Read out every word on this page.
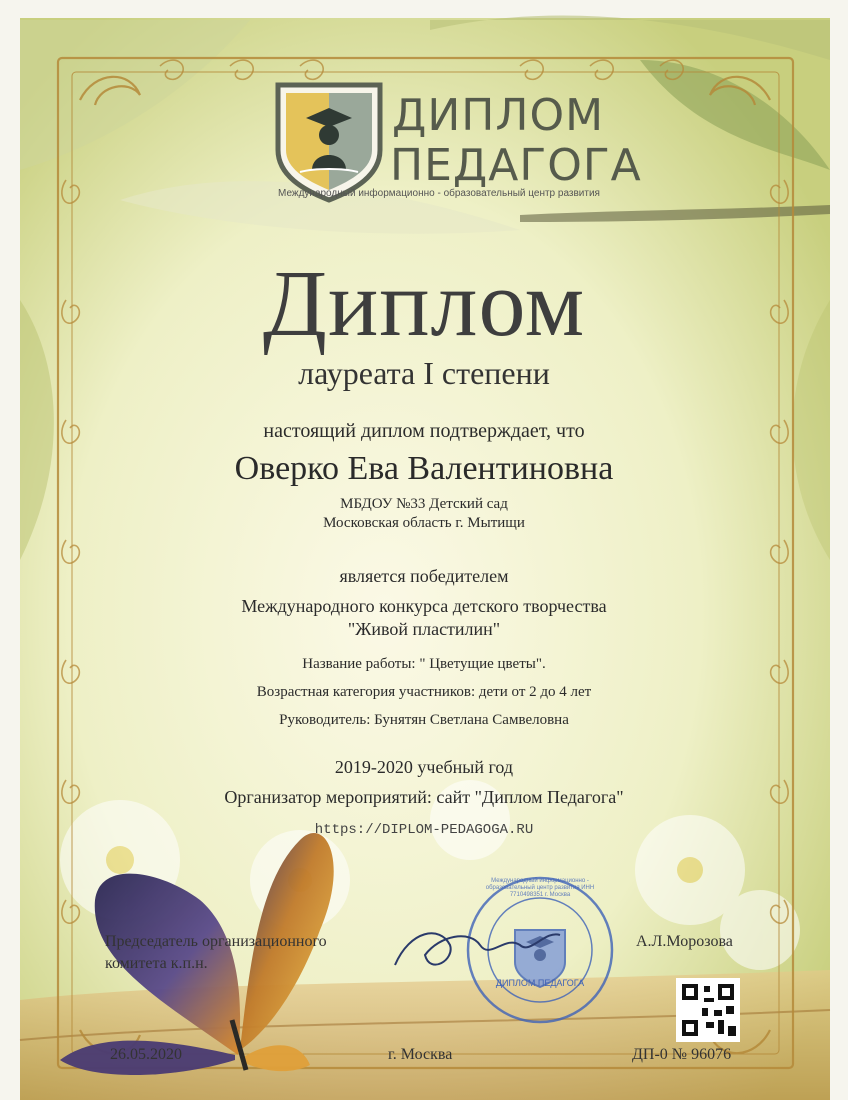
ДИПЛОМ
ПЕДАГОГА
Международный информационно - образовательный центр развития
Диплом
лауреата I степени
настоящий диплом подтверждает, что
Оверко Ева Валентиновна
МБДОУ №33 Детский сад
Московская область г. Мытищи
является победителем
Международного конкурса детского творчества
"Живой пластилин"
Название работы: " Цветущие цветы".
Возрастная категория участников: дети от 2 до 4 лет
Руководитель: Бунятян Светлана Самвеловна
2019-2020 учебный год
Организатор мероприятий: сайт "Диплом Педагога"
https://DIPLOM-PEDAGOGA.RU
Председатель организационного
комитета к.п.н.
А.Л.Морозова
ДИПЛОМ ПЕДАГОГА
Международный информационно - образовательный центр развития ИНН 7710498351 г. Москва
26.05.2020	г. Москва	ДП-0 № 96076
